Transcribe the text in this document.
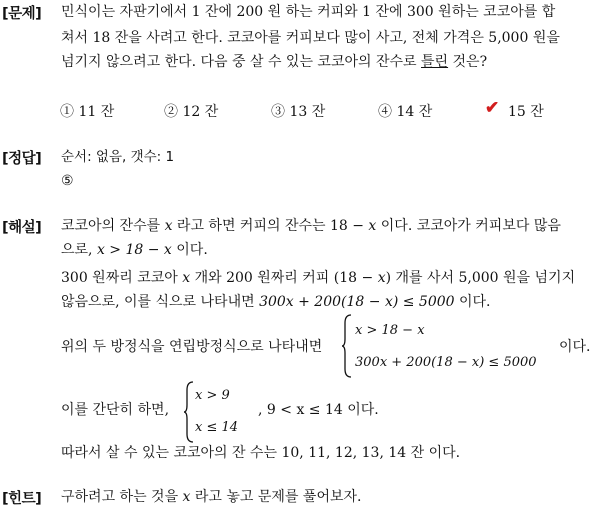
[문제] 민식이는 자판기에서 1 잔에 200 원 하는 커피와 1 잔에 300 원하는 코코아를 합
쳐서 18 잔을 사려고 한다. 코코아를 커피보다 많이 사고, 전체 가격은 5,000 원을
넘기지 않으려고 한다. 다음 중 살 수 있는 코코아의 잔수로 틀린 것은?
① 11 잔	② 12 잔	③ 13 잔	④ 14 잔	✔ 15 잔
[정답] 순서: 없음, 갯수: 1
⑤
[해설] 코코아의 잔수를 x 라고 하면 커피의 잔수는 18 − x 이다. 코코아가 커피보다 많음
으로, x > 18 − x 이다.
300 원짜리 코코아 x 개와 200 원짜리 커피 (18 − x) 개를 사서 5,000 원을 넘기지
않음으로, 이를 식으로 나타내면 300x + 200(18 − x) ≤ 5000 이다.
위의 두 방정식을 연립방정식으로 나타내면
x > 18 − x
300x + 200(18 − x) ≤ 5000
이다.
이를 간단히 하면,
x > 9
x ≤ 14
, 9 < x ≤ 14 이다.
따라서 살 수 있는 코코아의 잔 수는 10, 11, 12, 13, 14 잔 이다.
[힌트] 구하려고 하는 것을 x 라고 놓고 문제를 풀어보자.
